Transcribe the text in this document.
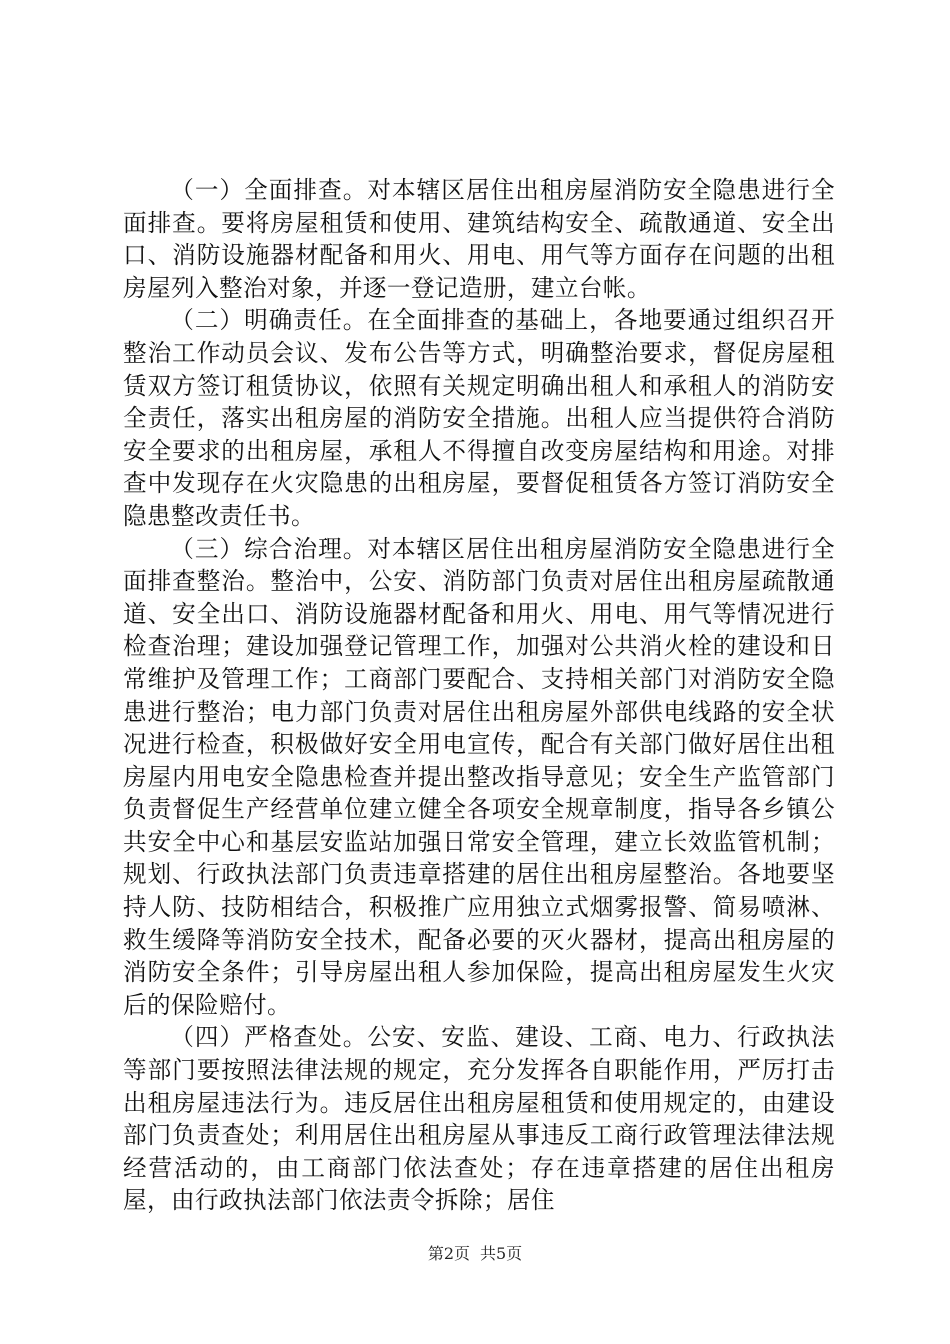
（一）全面排查。对本辖区居住出租房屋消防安全隐患进行全面排查。要将房屋租赁和使用、建筑结构安全、疏散通道、安全出口、消防设施器材配备和用火、用电、用气等方面存在问题的出租房屋列入整治对象，并逐一登记造册，建立台帐。

（二）明确责任。在全面排查的基础上，各地要通过组织召开整治工作动员会议、发布公告等方式，明确整治要求，督促房屋租赁双方签订租赁协议，依照有关规定明确出租人和承租人的消防安全责任，落实出租房屋的消防安全措施。出租人应当提供符合消防安全要求的出租房屋，承租人不得擅自改变房屋结构和用途。对排查中发现存在火灾隐患的出租房屋，要督促租赁各方签订消防安全隐患整改责任书。

（三）综合治理。对本辖区居住出租房屋消防安全隐患进行全面排查整治。整治中，公安、消防部门负责对居住出租房屋疏散通道、安全出口、消防设施器材配备和用火、用电、用气等情况进行检查治理；建设加强登记管理工作，加强对公共消火栓的建设和日常维护及管理工作；工商部门要配合、支持相关部门对消防安全隐患进行整治；电力部门负责对居住出租房屋外部供电线路的安全状况进行检查，积极做好安全用电宣传，配合有关部门做好居住出租房屋内用电安全隐患检查并提出整改指导意见；安全生产监管部门负责督促生产经营单位建立健全各项安全规章制度，指导各乡镇公共安全中心和基层安监站加强日常安全管理，建立长效监管机制；规划、行政执法部门负责违章搭建的居住出租房屋整治。各地要坚持人防、技防相结合，积极推广应用独立式烟雾报警、简易喷淋、救生缓降等消防安全技术，配备必要的灭火器材，提高出租房屋的消防安全条件；引导房屋出租人参加保险，提高出租房屋发生火灾后的保险赔付。

（四）严格查处。公安、安监、建设、工商、电力、行政执法等部门要按照法律法规的规定，充分发挥各自职能作用，严厉打击出租房屋违法行为。违反居住出租房屋租赁和使用规定的，由建设部门负责查处；利用居住出租房屋从事违反工商行政管理法律法规经营活动的，由工商部门依法查处；存在违章搭建的居住出租房屋，由行政执法部门依法责令拆除；居住

第2页 共5页
